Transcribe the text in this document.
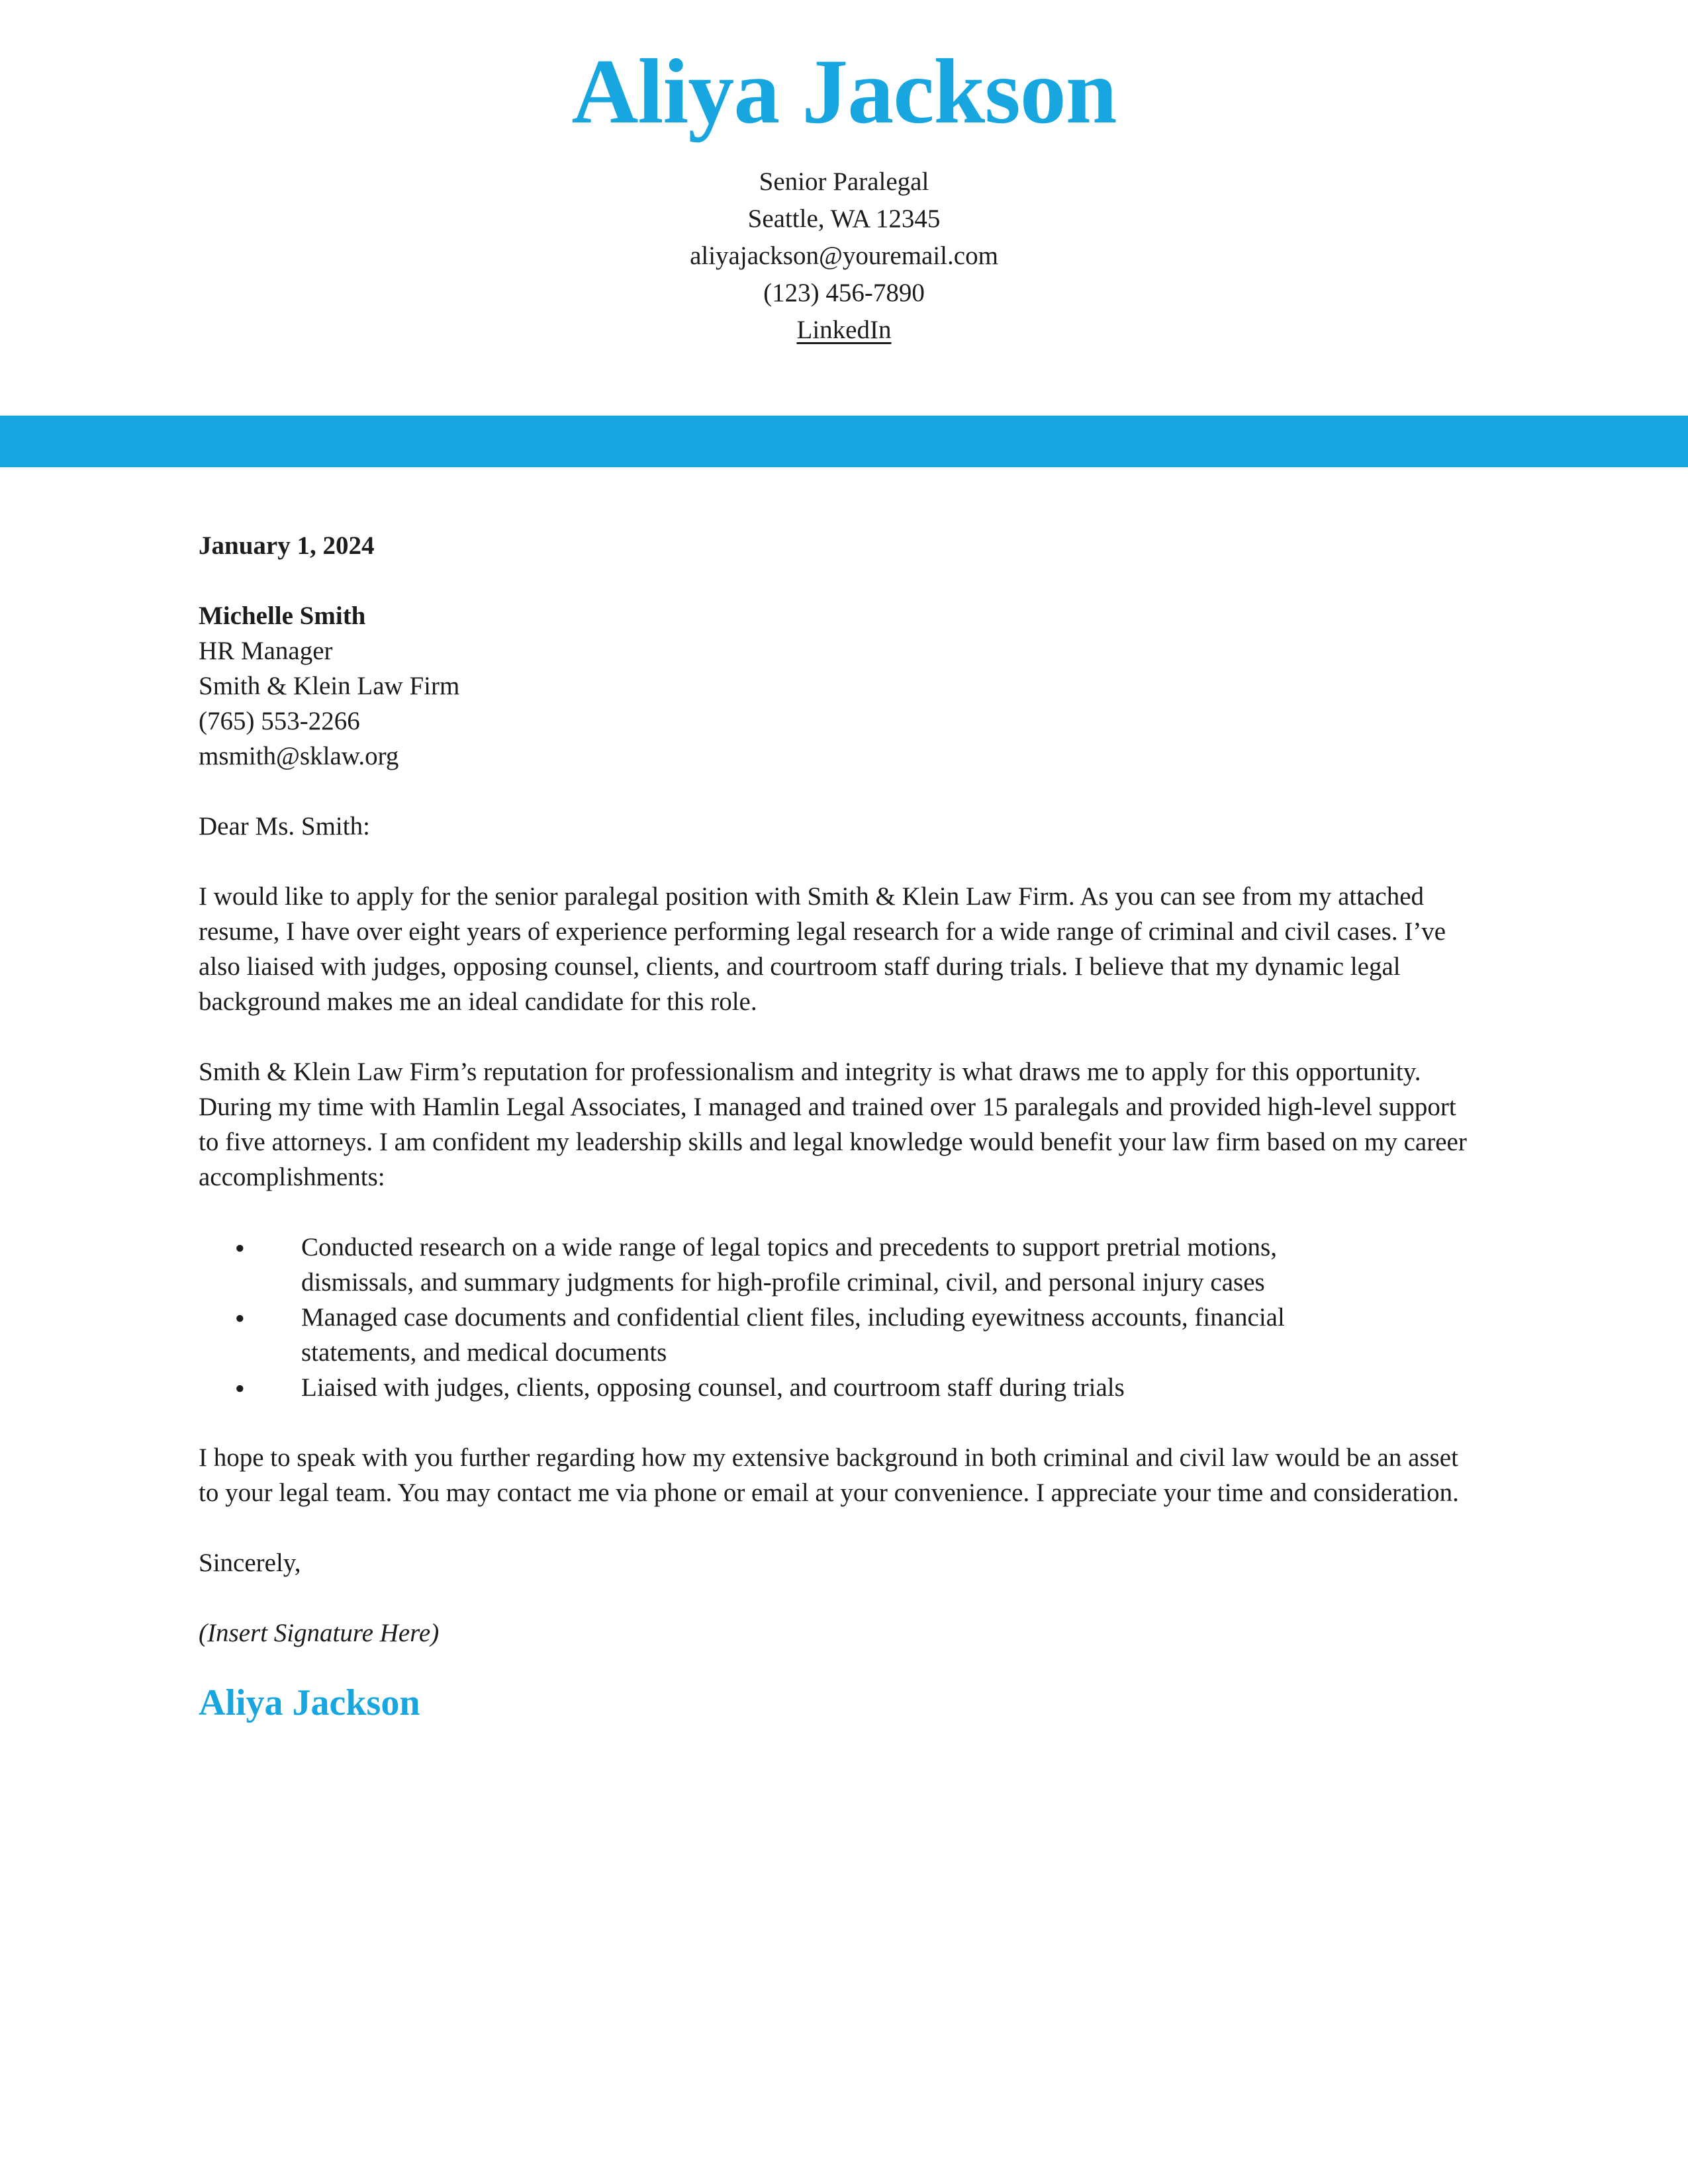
Aliya Jackson
Senior Paralegal
Seattle, WA 12345
aliyajackson@youremail.com
(123) 456-7890
LinkedIn

January 1, 2024

Michelle Smith

HR Manager

Smith & Klein Law Firm

(765) 553-2266

msmith@sklaw.org

Dear Ms. Smith:

I would like to apply for the senior paralegal position with Smith & Klein Law Firm. As you can see from my attached resume, I have over eight years of experience performing legal research for a wide range of criminal and civil cases. I’ve also liaised with judges, opposing counsel, clients, and courtroom staff during trials. I believe that my dynamic legal background makes me an ideal candidate for this role.

Smith & Klein Law Firm’s reputation for professionalism and integrity is what draws me to apply for this opportunity. During my time with Hamlin Legal Associates, I managed and trained over 15 paralegals and provided high-level support to five attorneys. I am confident my leadership skills and legal knowledge would benefit your law firm based on my career accomplishments:

● Conducted research on a wide range of legal topics and precedents to support pretrial motions, dismissals, and summary judgments for high-profile criminal, civil, and personal injury cases
● Managed case documents and confidential client files, including eyewitness accounts, financial statements, and medical documents
● Liaised with judges, clients, opposing counsel, and courtroom staff during trials

I hope to speak with you further regarding how my extensive background in both criminal and civil law would be an asset to your legal team. You may contact me via phone or email at your convenience. I appreciate your time and consideration.

Sincerely,

(Insert Signature Here)

Aliya Jackson
